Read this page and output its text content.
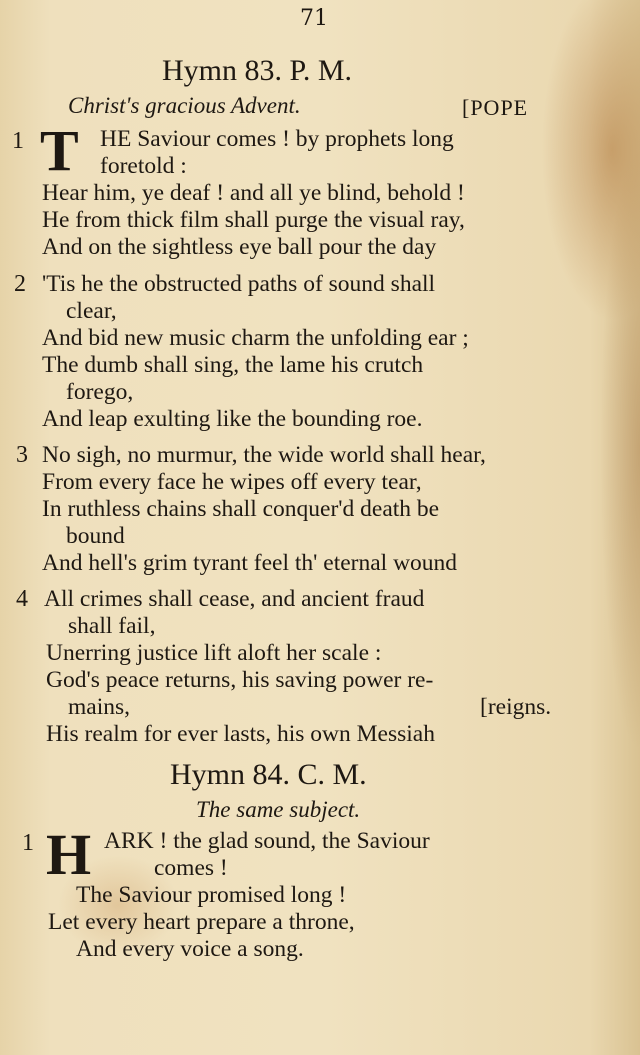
71
Hymn 83. P. M.
Christ's gracious Advent.	[POPE
1 T HE Saviour comes ! by prophets long
foretold :
Hear him, ye deaf ! and all ye blind, behold !
He from thick film shall purge the visual ray,
And on the sightless eye ball pour the day
2 'Tis he the obstructed paths of sound shall
clear,
And bid new music charm the unfolding ear ;
The dumb shall sing, the lame his crutch
forego,
And leap exulting like the bounding roe.
3 No sigh, no murmur, the wide world shall hear,
From every face he wipes off every tear,
In ruthless chains shall conquer'd death be
bound
And hell's grim tyrant feel th' eternal wound
4 All crimes shall cease, and ancient fraud
shall fail,
Unerring justice lift aloft her scale :
God's peace returns, his saving power re-
mains,	[reigns.
His realm for ever lasts, his own Messiah
Hymn 84. C. M.
The same subject.
1 H ARK ! the glad sound, the Saviour
comes !
The Saviour promised long !
Let every heart prepare a throne,
And every voice a song.
